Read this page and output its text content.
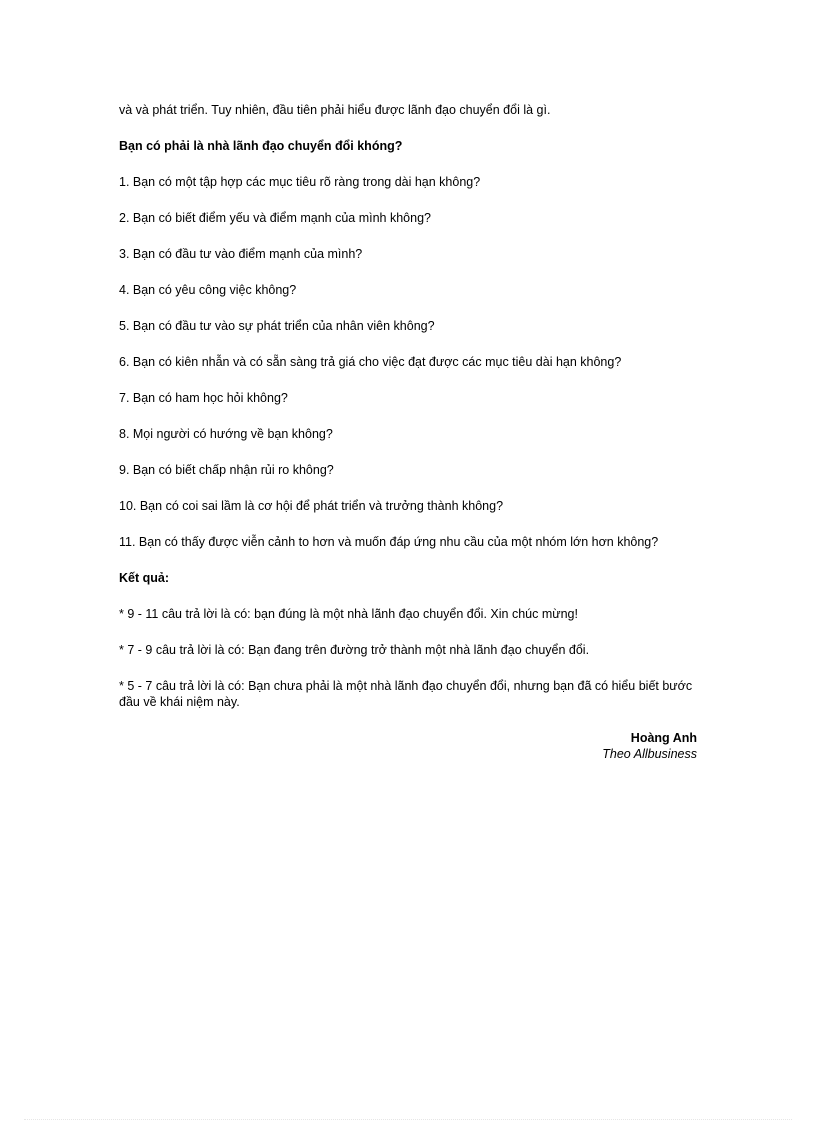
và và phát triển. Tuy nhiên, đầu tiên phải hiểu được lãnh đạo chuyển đổi là gì.

Bạn có phải là nhà lãnh đạo chuyển đổi khóng?

1. Bạn có một tập hợp các mục tiêu rõ ràng trong dài hạn không?

2. Bạn có biết điểm yếu và điểm mạnh của mình không?

3. Bạn có đầu tư vào điểm mạnh của mình?

4. Bạn có yêu công việc không?

5. Bạn có đầu tư vào sự phát triển của nhân viên không?

6. Bạn có kiên nhẫn và có sẵn sàng trả giá cho việc đạt được các mục tiêu dài hạn không?

7. Bạn có ham học hỏi không?

8. Mọi người có hướng về bạn không?

9. Bạn có biết chấp nhận rủi ro không?

10. Bạn có coi sai lầm là cơ hội để phát triển và trưởng thành không?

11. Bạn có thấy được viễn cảnh to hơn và muốn đáp ứng nhu cầu của một nhóm lớn hơn không?

Kết quả:

* 9 - 11 câu trả lời là có: bạn đúng là một nhà lãnh đạo chuyển đổi. Xin chúc mừng!

* 7 - 9 câu trả lời là có: Bạn đang trên đường trở thành một nhà lãnh đạo chuyển đổi.

* 5 - 7 câu trả lời là có: Bạn chưa phải là một nhà lãnh đạo chuyển đổi, nhưng bạn đã có hiểu biết bước đầu về khái niệm này.

Hoàng Anh
Theo Allbusiness
